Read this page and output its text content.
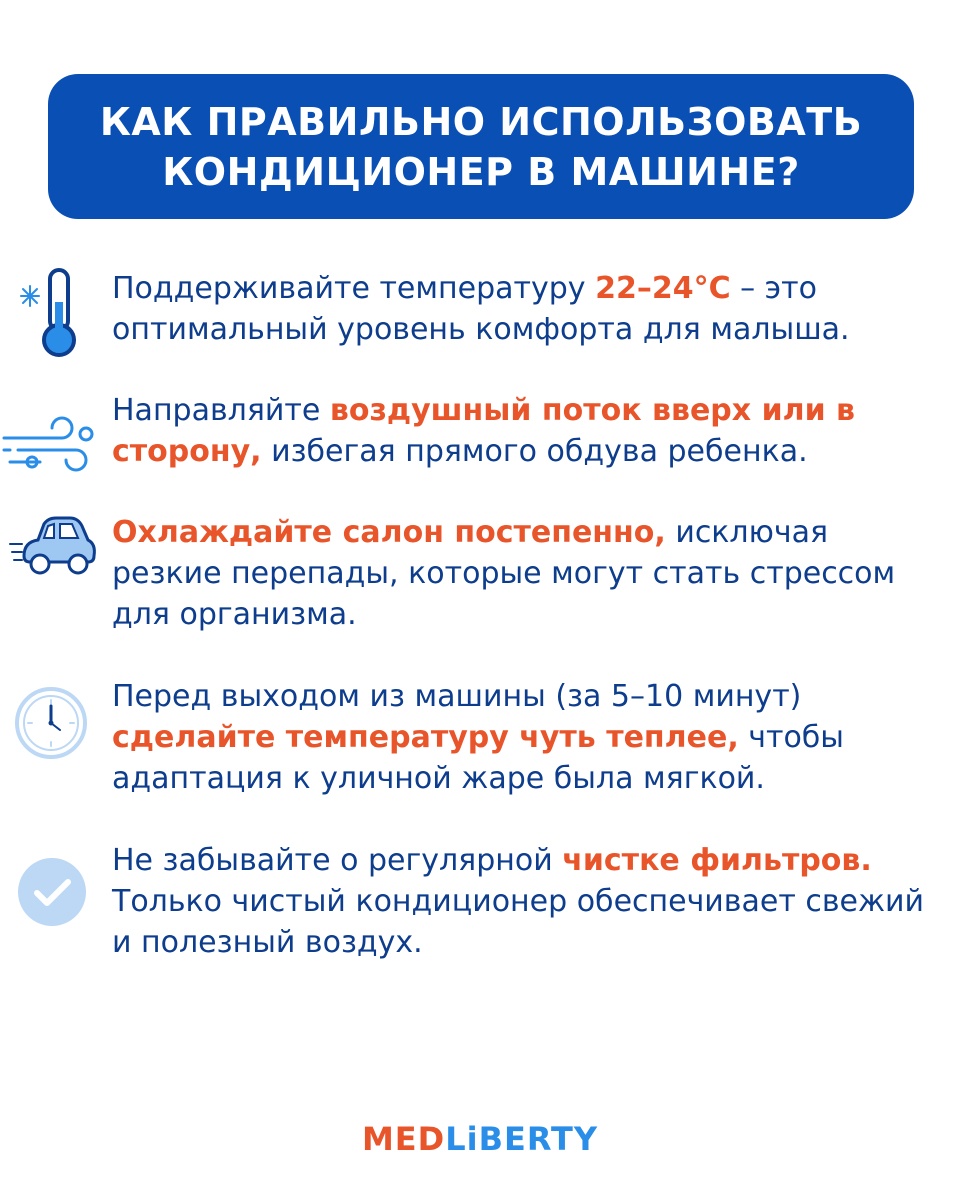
КАК ПРАВИЛЬНО ИСПОЛЬЗОВАТЬ
КОНДИЦИОНЕР В МАШИНЕ?
Поддерживайте температуру 22–24°C – это оптимальный уровень комфорта для малыша.
Направляйте воздушный поток вверх или в сторону, избегая прямого обдува ребенка.
Охлаждайте салон постепенно, исключая резкие перепады, которые могут стать стрессом для организма.
Перед выходом из машины (за 5–10 минут) сделайте температуру чуть теплее, чтобы адаптация к уличной жаре была мягкой.
Не забывайте о регулярной чистке фильтров. Только чистый кондиционер обеспечивает свежий и полезный воздух.
MEDLiBERTY
